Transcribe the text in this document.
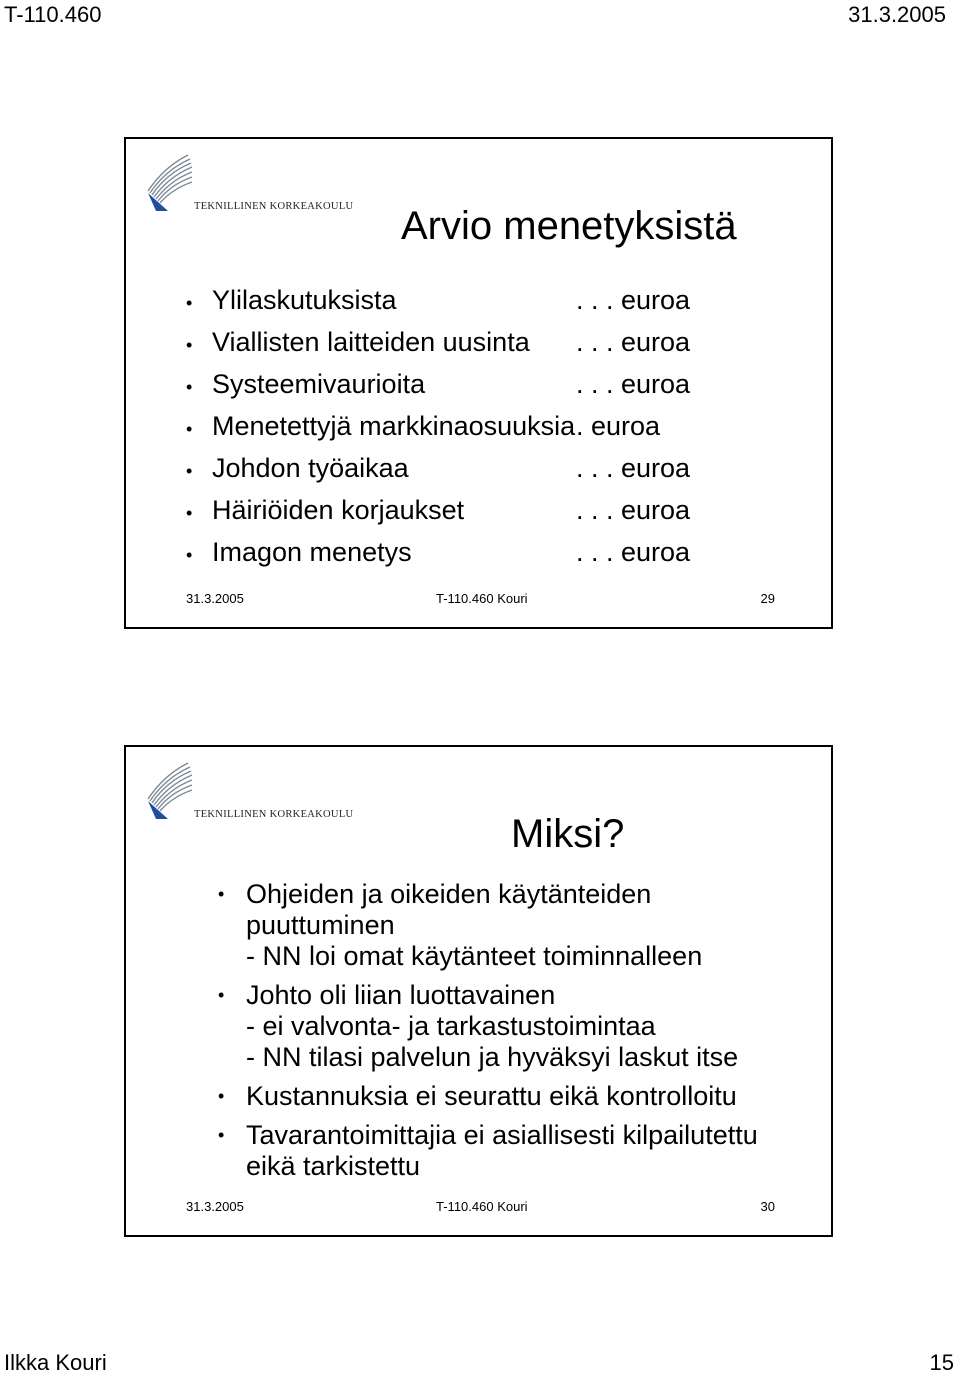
T-110.460	31.3.2005
TEKNILLINEN KORKEAKOULU Arvio menetyksistä
• Ylilaskutuksista	. . . euroa
• Viallisten laitteiden uusinta	. . . euroa
• Systeemivaurioita	. . . euroa
• Menetettyjä markkinaosuuksia . euroa
• Johdon työaikaa	. . . euroa
• Häiriöiden korjaukset	. . . euroa
• Imagon menetys	. . . euroa
31.3.2005	T-110.460 Kouri	29
TEKNILLINEN KORKEAKOULU	Miksi?
• Ohjeiden ja oikeiden käytänteiden
puuttuminen
- NN loi omat käytänteet toiminnalleen
• Johto oli liian luottavainen
- ei valvonta- ja tarkastustoimintaa
- NN tilasi palvelun ja hyväksyi laskut itse
• Kustannuksia ei seurattu eikä kontrolloitu
• Tavarantoimittajia ei asiallisesti kilpailutettu
eikä tarkistettu
31.3.2005	T-110.460 Kouri	30
Ilkka Kouri	15
